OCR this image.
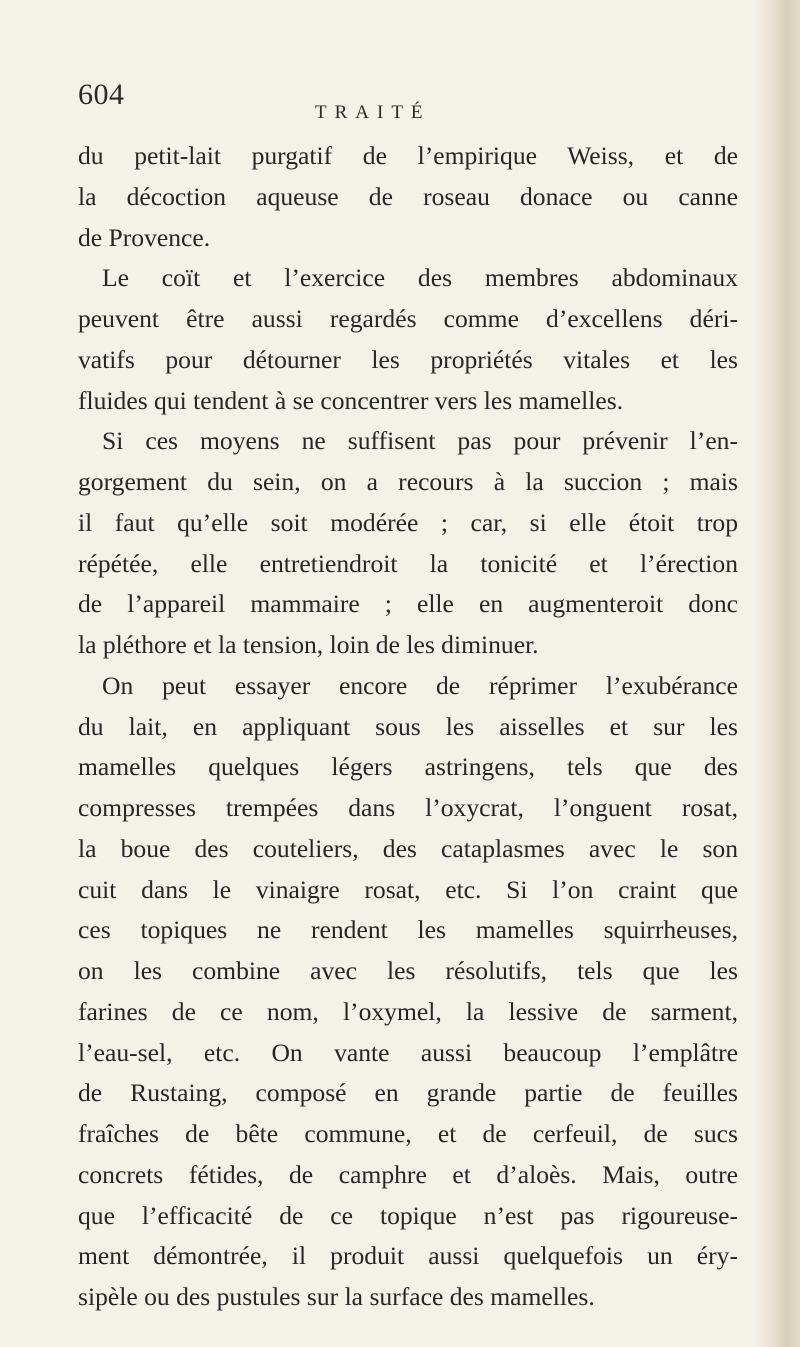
604
TRAITÉ
du petit-lait purgatif de l’empirique Weiss, et de
la décoction aqueuse de roseau donace ou canne
de Provence.
Le coït et l’exercice des membres abdominaux
peuvent être aussi regardés comme d’excellens déri-
vatifs pour détourner les propriétés vitales et les
fluides qui tendent à se concentrer vers les mamelles.
Si ces moyens ne suffisent pas pour prévenir l’en-
gorgement du sein, on a recours à la succion ; mais
il faut qu’elle soit modérée ; car, si elle étoit trop
répétée, elle entretiendroit la tonicité et l’érection
de l’appareil mammaire ; elle en augmenteroit donc
la pléthore et la tension, loin de les diminuer.
On peut essayer encore de réprimer l’exubérance
du lait, en appliquant sous les aisselles et sur les
mamelles quelques légers astringens, tels que des
compresses trempées dans l’oxycrat, l’onguent rosat,
la boue des couteliers, des cataplasmes avec le son
cuit dans le vinaigre rosat, etc. Si l’on craint que
ces topiques ne rendent les mamelles squirrheuses,
on les combine avec les résolutifs, tels que les
farines de ce nom, l’oxymel, la lessive de sarment,
l’eau-sel, etc. On vante aussi beaucoup l’emplâtre
de Rustaing, composé en grande partie de feuilles
fraîches de bête commune, et de cerfeuil, de sucs
concrets fétides, de camphre et d’aloès. Mais, outre
que l’efficacité de ce topique n’est pas rigoureuse-
ment démontrée, il produit aussi quelquefois un éry-
sipèle ou des pustules sur la surface des mamelles.
